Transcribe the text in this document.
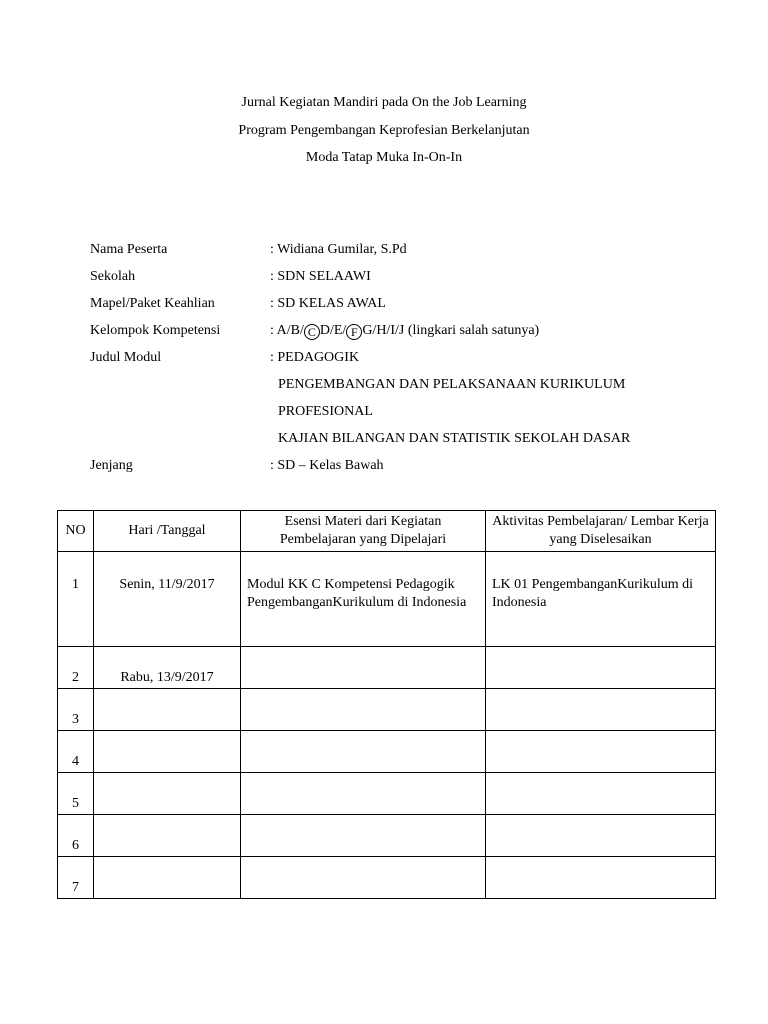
Jurnal Kegiatan Mandiri pada On the Job Learning
Program Pengembangan Keprofesian Berkelanjutan
Moda Tatap Muka In-On-In
Nama Peserta	: Widiana Gumilar, S.Pd
Sekolah	: SDN SELAAWI
Mapel/Paket Keahlian	: SD KELAS AWAL
Kelompok Kompetensi	: A/B/ C D/E/ F G/H/I/J (lingkari salah satunya)
Judul Modul	: PEDAGOGIK
PENGEMBANGAN DAN PELAKSANAAN KURIKULUM
PROFESIONAL
KAJIAN BILANGAN DAN STATISTIK SEKOLAH DASAR
Jenjang	: SD – Kelas Bawah
NO	Hari /Tanggal	Esensi Materi dari Kegiatan Pembelajaran yang Dipelajari	Aktivitas Pembelajaran/ Lembar Kerja yang Diselesaikan
1	Senin, 11/9/2017	Modul KK C Kompetensi Pedagogik PengembanganKurikulum di Indonesia	LK 01 PengembanganKurikulum di Indonesia
2	Rabu, 13/9/2017		
3			
4			
5			
6			
7			
